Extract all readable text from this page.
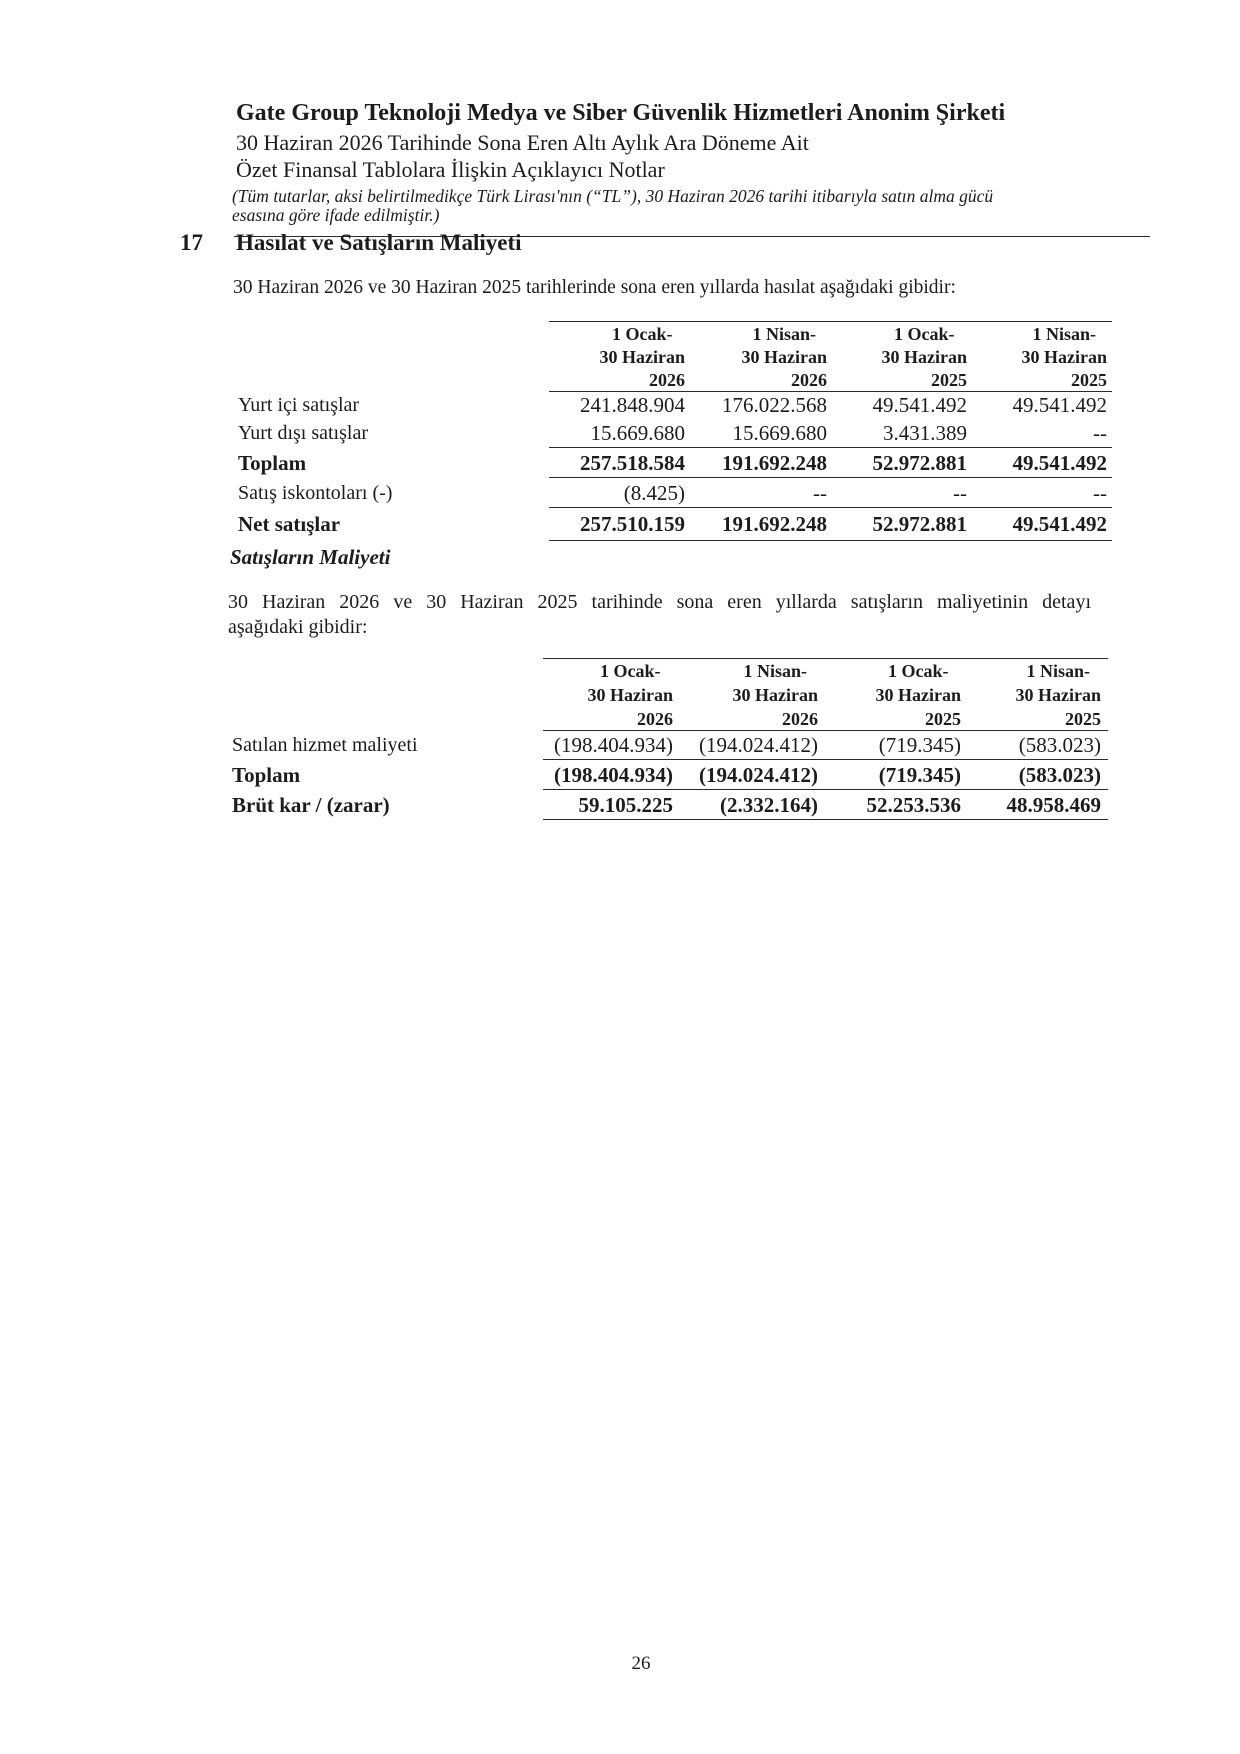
Gate Group Teknoloji Medya ve Siber Güvenlik Hizmetleri Anonim Şirketi
30 Haziran 2026 Tarihinde Sona Eren Altı Aylık Ara Döneme Ait
Özet Finansal Tablolara İlişkin Açıklayıcı Notlar
(Tüm tutarlar, aksi belirtilmedikçe Türk Lirası'nın (“TL”), 30 Haziran 2026 tarihi itibarıyla satın alma gücü
esasına göre ifade edilmiştir.)
17 Hasılat ve Satışların Maliyeti
30 Haziran 2026 ve 30 Haziran 2025 tarihlerinde sona eren yıllarda hasılat aşağıdaki gibidir:
1 Ocak-
30 Haziran
2026
1 Nisan-
30 Haziran
2026
1 Ocak-
30 Haziran
2025
1 Nisan-
30 Haziran
2025
Yurt içi satışlar	241.848.904	176.022.568	49.541.492	49.541.492
Yurt dışı satışlar	15.669.680	15.669.680	3.431.389	--
Toplam	257.518.584	191.692.248	52.972.881	49.541.492
Satış iskontoları (-)	(8.425)	--	--	--
Net satışlar	257.510.159	191.692.248	52.972.881	49.541.492
Satışların Maliyeti
30 Haziran 2026 ve 30 Haziran 2025 tarihinde sona eren yıllarda satışların maliyetinin detayı
aşağıdaki gibidir:
1 Ocak-
30 Haziran
2026
1 Nisan-
30 Haziran
2026
1 Ocak-
30 Haziran
2025
1 Nisan-
30 Haziran
2025
Satılan hizmet maliyeti	(198.404.934)	(194.024.412)	(719.345)	(583.023)
Toplam	(198.404.934)	(194.024.412)	(719.345)	(583.023)
Brüt kar / (zarar)	59.105.225	(2.332.164)	52.253.536	48.958.469
26
